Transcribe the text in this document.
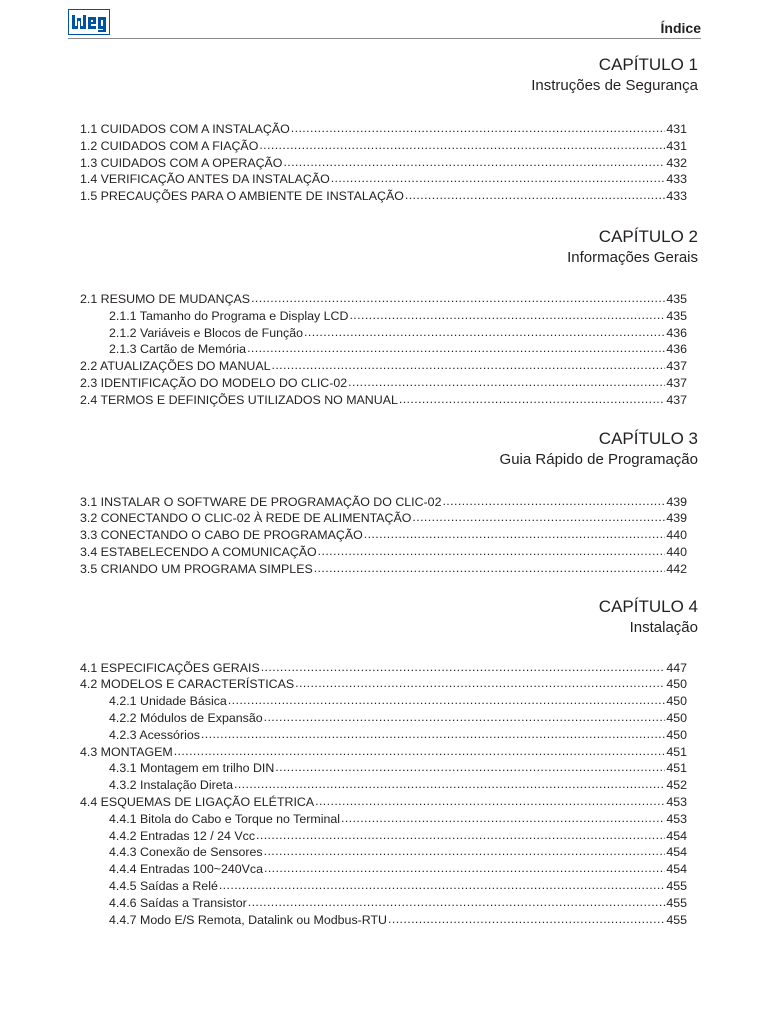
Índice
CAPÍTULO 1
Instruções de Segurança
1.1 CUIDADOS COM A INSTALAÇÃO .....	431
1.2 CUIDADOS COM A FIAÇÃO .....	431
1.3 CUIDADOS COM A OPERAÇÃO .....	432
1.4 VERIFICAÇÃO ANTES DA INSTALAÇÃO .....	433
1.5 PRECAUÇÕES PARA O AMBIENTE DE INSTALAÇÃO .....	433
CAPÍTULO 2
Informações Gerais
2.1 RESUMO DE MUDANÇAS .....	435
2.1.1 Tamanho do Programa e Display LCD .....	435
2.1.2 Variáveis e Blocos de Função .....	436
2.1.3 Cartão de Memória .....	436
2.2 ATUALIZAÇÕES DO MANUAL .....	437
2.3 IDENTIFICAÇÃO DO MODELO DO CLIC-02 .....	437
2.4 TERMOS E DEFINIÇÕES UTILIZADOS NO MANUAL .....	437
CAPÍTULO 3
Guia Rápido de Programação
3.1 INSTALAR O SOFTWARE DE PROGRAMAÇÃO DO CLIC-02 .....	439
3.2 CONECTANDO O CLIC-02 À REDE DE ALIMENTAÇÃO .....	439
3.3 CONECTANDO O CABO DE PROGRAMAÇÃO .....	440
3.4 ESTABELECENDO A COMUNICAÇÃO .....	440
3.5 CRIANDO UM PROGRAMA SIMPLES .....	442
CAPÍTULO 4
Instalação
4.1 ESPECIFICAÇÕES GERAIS .....	447
4.2 MODELOS E CARACTERÍSTICAS .....	450
4.2.1 Unidade Básica .....	450
4.2.2 Módulos de Expansão .....	450
4.2.3 Acessórios .....	450
4.3 MONTAGEM .....	451
4.3.1 Montagem em trilho DIN .....	451
4.3.2 Instalação Direta .....	452
4.4 ESQUEMAS DE LIGAÇÃO ELÉTRICA .....	453
4.4.1 Bitola do Cabo e Torque no Terminal .....	453
4.4.2 Entradas 12 / 24 Vcc .....	454
4.4.3 Conexão de Sensores .....	454
4.4.4 Entradas 100~240Vca .....	454
4.4.5 Saídas a Relé .....	455
4.4.6 Saídas a Transistor .....	455
4.4.7 Modo E/S Remota, Datalink ou Modbus-RTU .....	455
